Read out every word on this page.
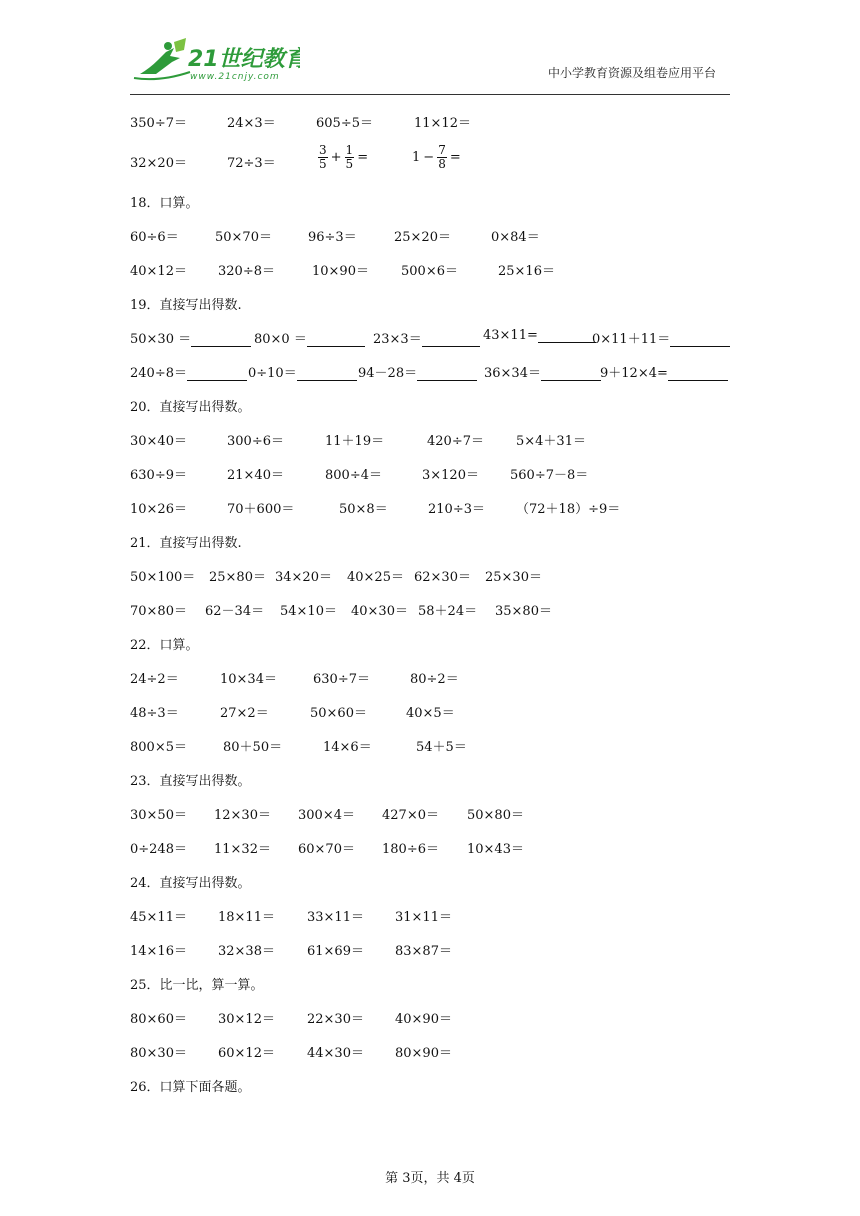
21世纪教育
www.21cnjy.com	中小学教育资源及组卷应用平台
350÷7＝	24×3＝	605÷5＝	11×12＝
32×20＝	72÷3＝	$\frac{3}{5} + \frac{1}{5}$ =	$1 - \frac{7}{8}$ =
18．口算。
60÷6＝	50×70＝	96÷3＝	25×20＝	0×84＝
40×12＝ 320÷8＝	10×90＝ 500×6＝	25×16＝
19．直接写出得数.
50×30 ＝	80×0 ＝	23×3＝	43×11=	0×11＋11＝
240÷8＝	0÷10＝	94－28＝	36×34＝	9＋12×4=
20．直接写出得数。
30×40＝	300÷6＝	11＋19＝	420÷7＝ 5×4＋31＝
630÷9＝	21×40＝	800÷4＝	3×120＝ 560÷7－8＝
10×26＝	70＋600＝	50×8＝	210÷3＝ （72＋18）÷9＝
21．直接写出得数.
50×100＝ 25×80＝ 34×20＝ 40×25＝ 62×30＝ 25×30＝
70×80＝ 62－34＝ 54×10＝ 40×30＝ 58＋24＝ 35×80＝
22．口算。
24÷2＝	10×34＝	630÷7＝	80÷2＝
48÷3＝	27×2＝	50×60＝	40×5＝
800×5＝	80＋50＝	14×6＝	54＋5＝
23．直接写出得数。
30×50＝ 12×30＝ 300×4＝ 427×0＝ 50×80＝
0÷248＝ 11×32＝ 60×70＝ 180÷6＝ 10×43＝
24．直接写出得数。
45×11＝ 18×11＝ 33×11＝ 31×11＝
14×16＝ 32×38＝ 61×69＝ 83×87＝
25．比一比，算一算。
80×60＝ 30×12＝ 22×30＝ 40×90＝
80×30＝ 60×12＝ 44×30＝ 80×90＝
26．口算下面各题。
第 3页，共 4页
